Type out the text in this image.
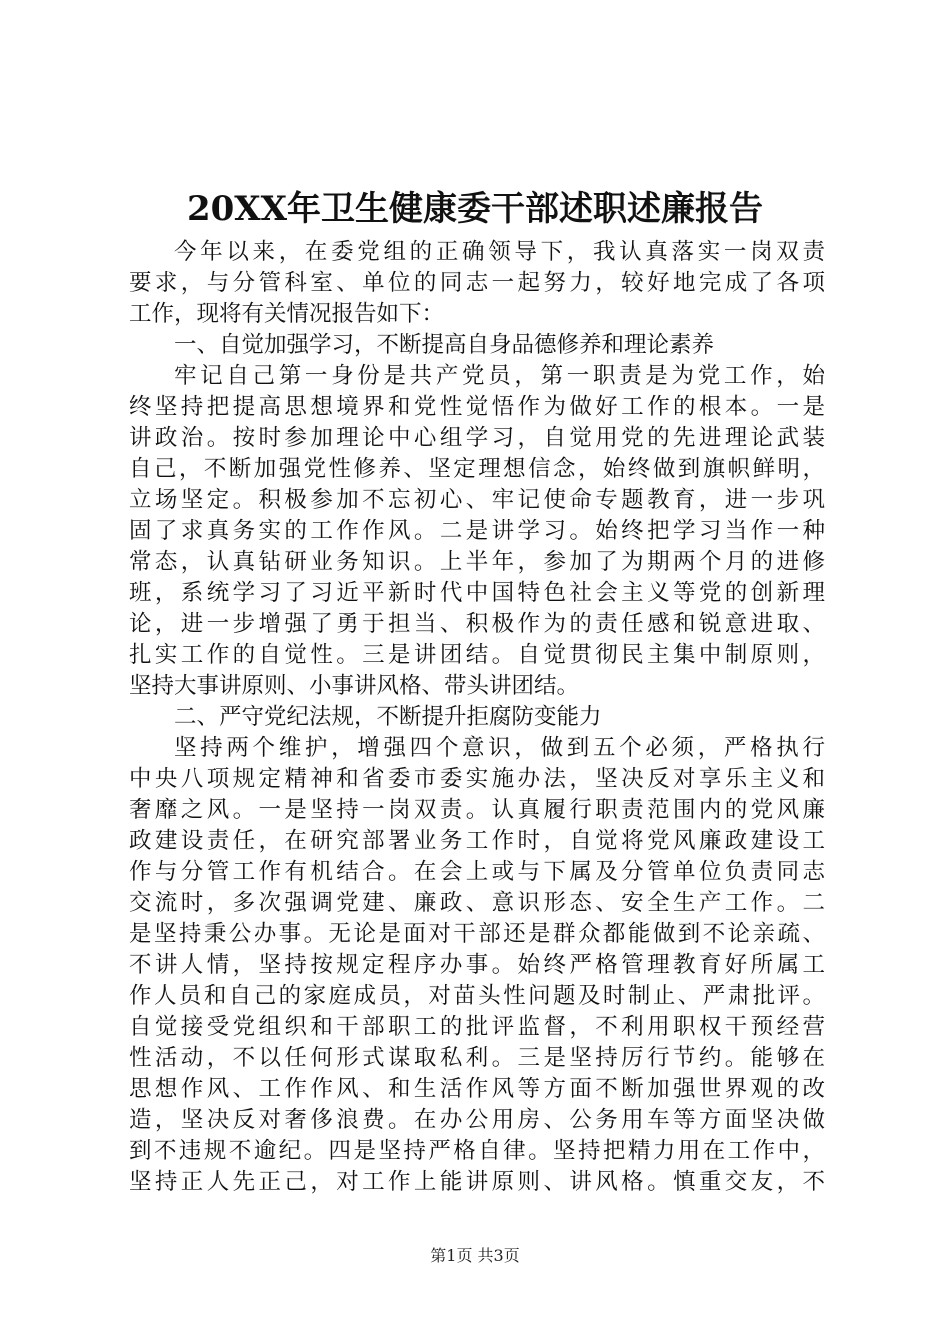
20XX年卫生健康委干部述职述廉报告
今年以来，在委党组的正确领导下，我认真落实一岗双责
要求，与分管科室、单位的同志一起努力，较好地完成了各项
工作，现将有关情况报告如下：
一、自觉加强学习，不断提高自身品德修养和理论素养
牢记自己第一身份是共产党员，第一职责是为党工作，始
终坚持把提高思想境界和党性觉悟作为做好工作的根本。一是
讲政治。按时参加理论中心组学习，自觉用党的先进理论武装
自己，不断加强党性修养、坚定理想信念，始终做到旗帜鲜明，
立场坚定。积极参加不忘初心、牢记使命专题教育，进一步巩
固了求真务实的工作作风。二是讲学习。始终把学习当作一种
常态，认真钻研业务知识。上半年，参加了为期两个月的进修
班，系统学习了习近平新时代中国特色社会主义等党的创新理
论，进一步增强了勇于担当、积极作为的责任感和锐意进取、
扎实工作的自觉性。三是讲团结。自觉贯彻民主集中制原则，
坚持大事讲原则、小事讲风格、带头讲团结。
二、严守党纪法规，不断提升拒腐防变能力
坚持两个维护，增强四个意识，做到五个必须，严格执行
中央八项规定精神和省委市委实施办法，坚决反对享乐主义和
奢靡之风。一是坚持一岗双责。认真履行职责范围内的党风廉
政建设责任，在研究部署业务工作时，自觉将党风廉政建设工
作与分管工作有机结合。在会上或与下属及分管单位负责同志
交流时，多次强调党建、廉政、意识形态、安全生产工作。二
是坚持秉公办事。无论是面对干部还是群众都能做到不论亲疏、
不讲人情，坚持按规定程序办事。始终严格管理教育好所属工
作人员和自己的家庭成员，对苗头性问题及时制止、严肃批评。
自觉接受党组织和干部职工的批评监督，不利用职权干预经营
性活动，不以任何形式谋取私利。三是坚持厉行节约。能够在
思想作风、工作作风、和生活作风等方面不断加强世界观的改
造，坚决反对奢侈浪费。在办公用房、公务用车等方面坚决做
到不违规不逾纪。四是坚持严格自律。坚持把精力用在工作中，
坚持正人先正己，对工作上能讲原则、讲风格。慎重交友，不
第1页 共3页
